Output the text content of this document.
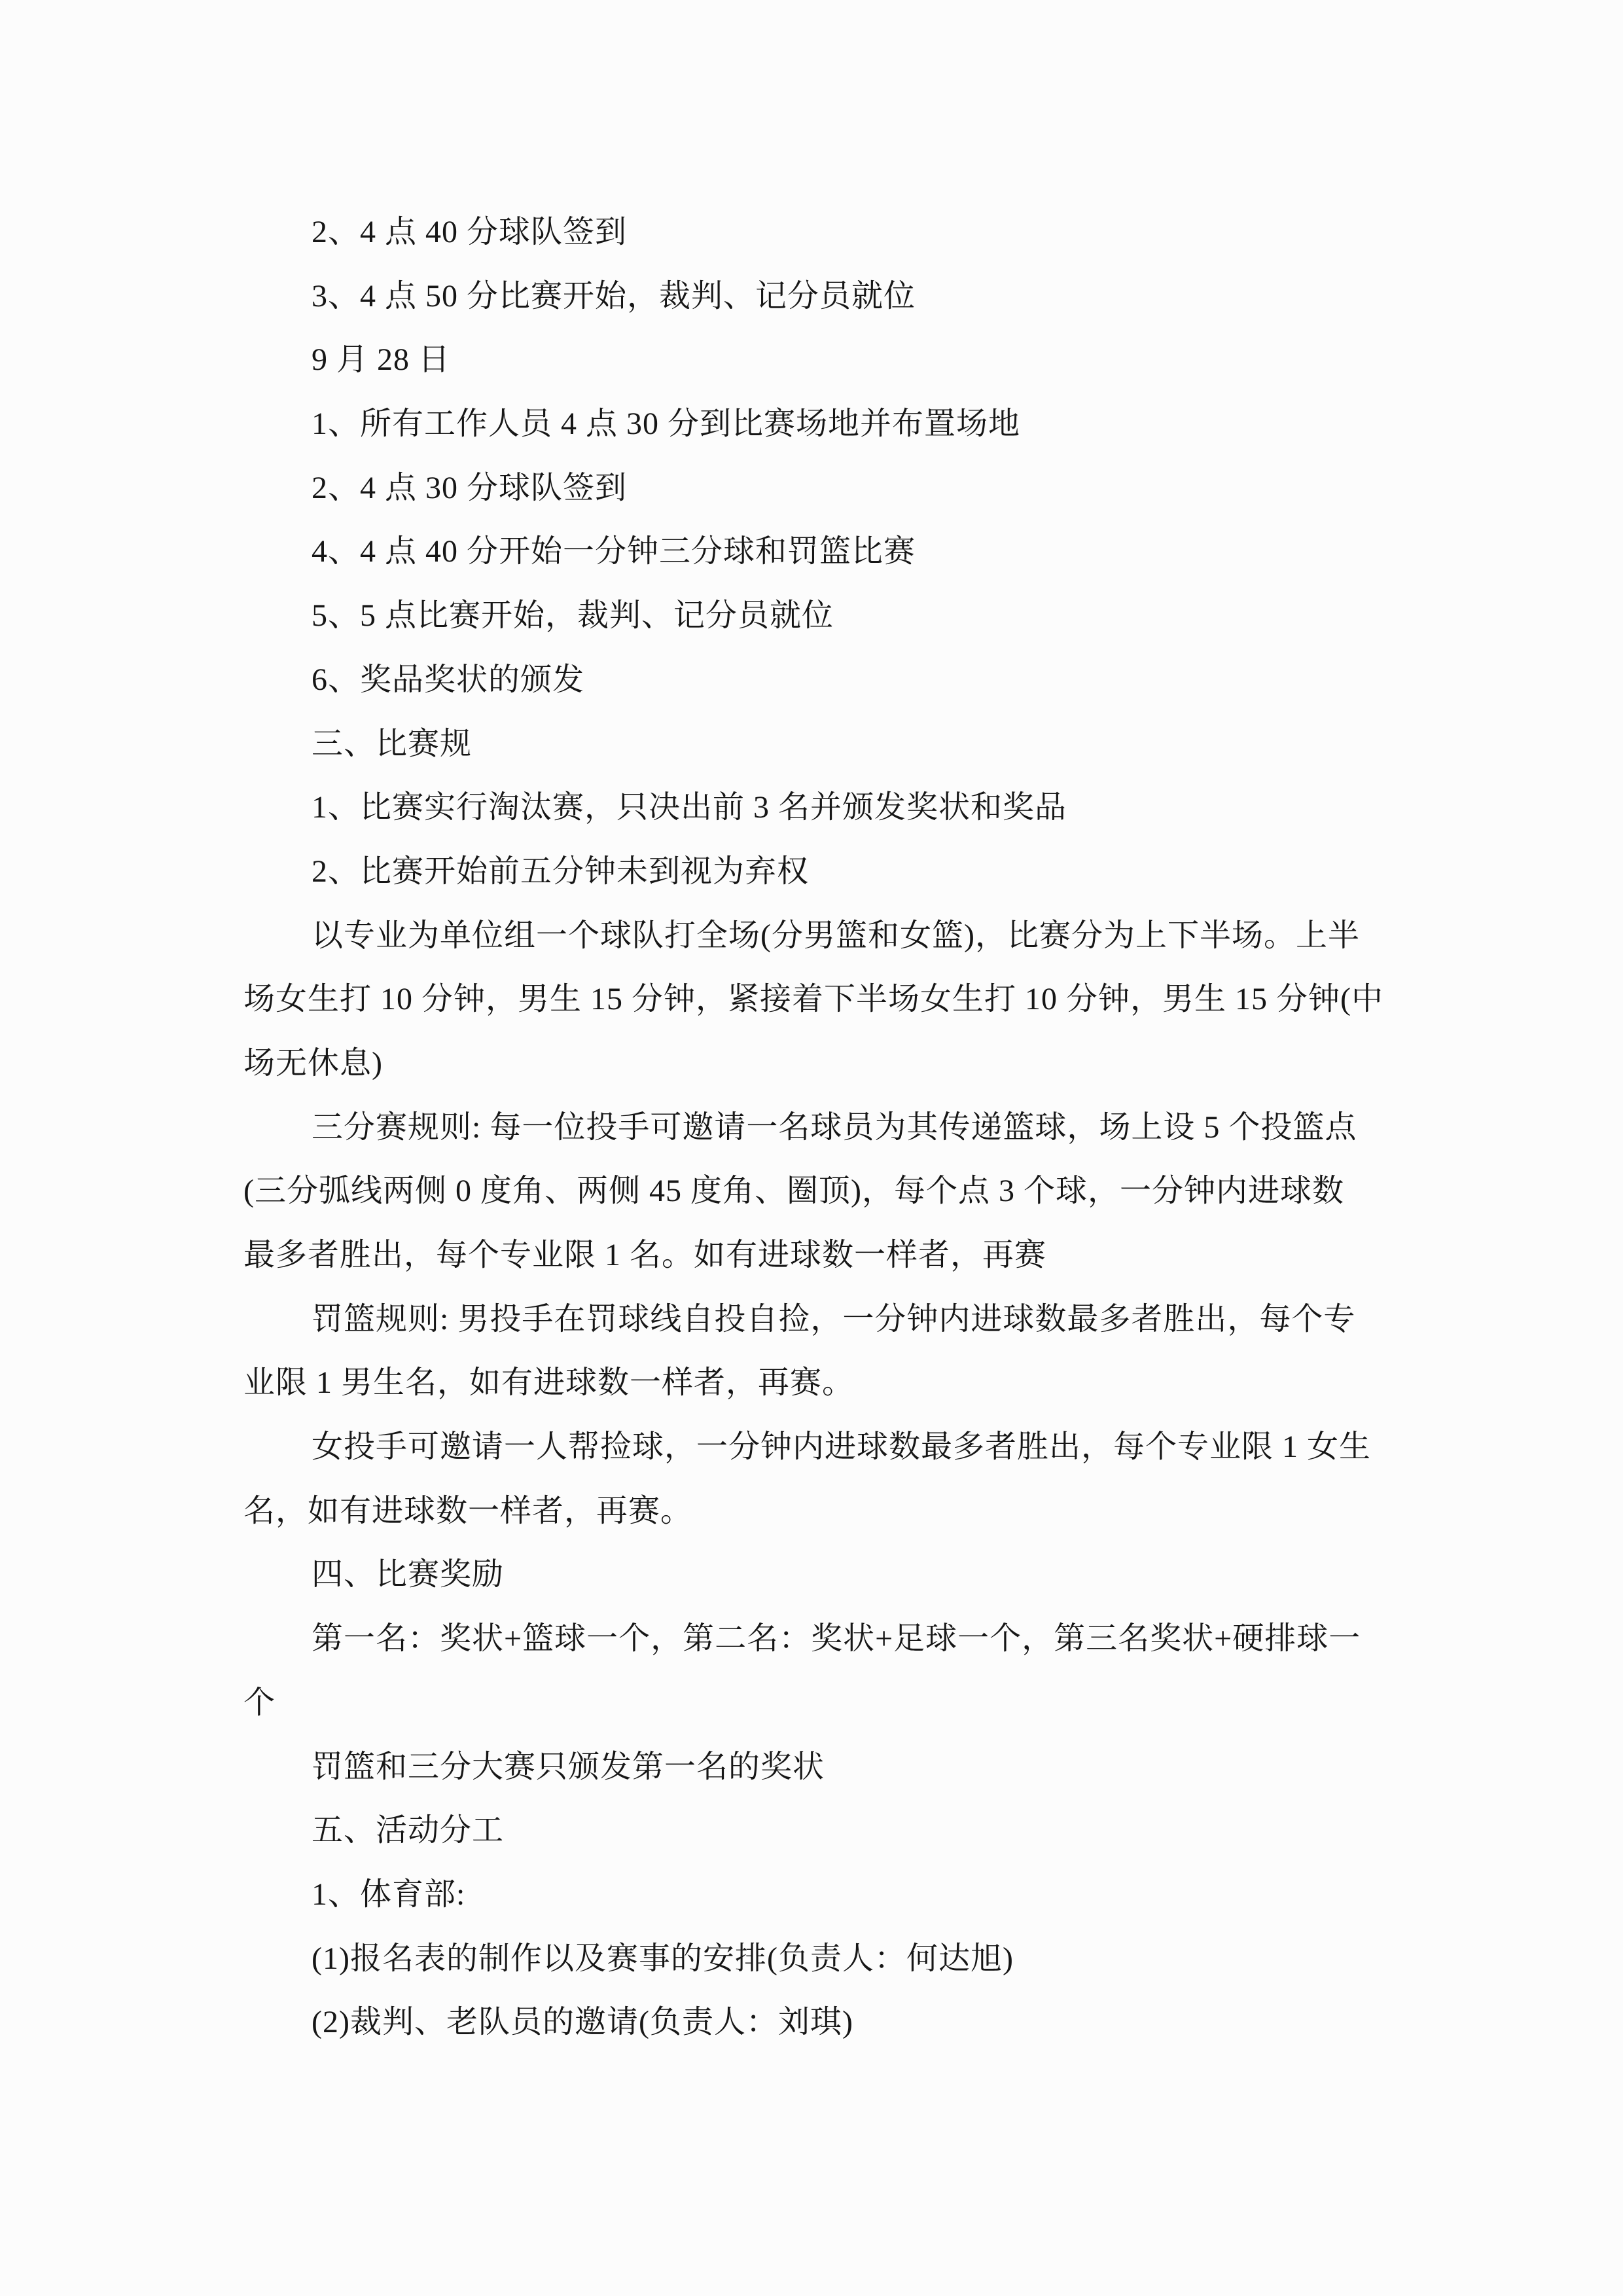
2、4 点 40 分球队签到
3、4 点 50 分比赛开始，裁判、记分员就位
9 月 28 日
1、所有工作人员 4 点 30 分到比赛场地并布置场地
2、4 点 30 分球队签到
4、4 点 40 分开始一分钟三分球和罚篮比赛
5、5 点比赛开始，裁判、记分员就位
6、奖品奖状的颁发
三、比赛规
1、比赛实行淘汰赛，只决出前 3 名并颁发奖状和奖品
2、比赛开始前五分钟未到视为弃权
以专业为单位组一个球队打全场(分男篮和女篮)，比赛分为上下半场。上半
场女生打 10 分钟，男生 15 分钟，紧接着下半场女生打 10 分钟，男生 15 分钟(中
场无休息)
三分赛规则: 每一位投手可邀请一名球员为其传递篮球，场上设 5 个投篮点
(三分弧线两侧 0 度角、两侧 45 度角、圈顶)，每个点 3 个球，一分钟内进球数
最多者胜出，每个专业限 1 名。如有进球数一样者，再赛
罚篮规则: 男投手在罚球线自投自捡，一分钟内进球数最多者胜出，每个专
业限 1 男生名，如有进球数一样者，再赛。
女投手可邀请一人帮捡球，一分钟内进球数最多者胜出，每个专业限 1 女生
名，如有进球数一样者，再赛。
四、比赛奖励
第一名：奖状+篮球一个，第二名：奖状+足球一个，第三名奖状+硬排球一
个
罚篮和三分大赛只颁发第一名的奖状
五、活动分工
1、体育部:
(1)报名表的制作以及赛事的安排(负责人：何达旭)
(2)裁判、老队员的邀请(负责人：刘琪)
